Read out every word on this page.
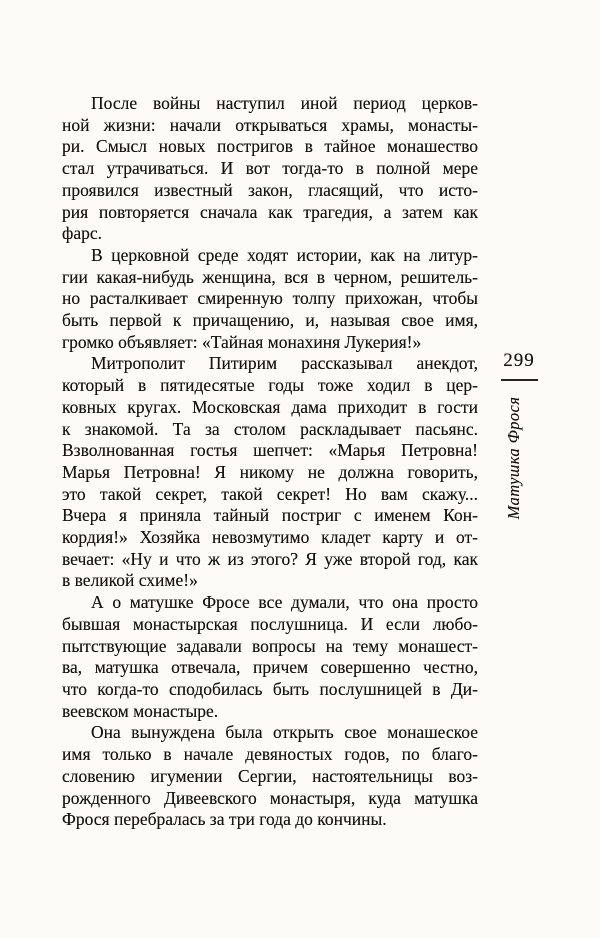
После войны наступил иной период церков-
ной жизни: начали открываться храмы, монасты-
ри. Смысл новых постригов в тайное монашество
стал утрачиваться. И вот тогда-то в полной мере
проявился известный закон, гласящий, что исто-
рия повторяется сначала как трагедия, а затем как
фарс.
В церковной среде ходят истории, как на литур-
гии какая-нибудь женщина, вся в черном, решитель-
но расталкивает смиренную толпу прихожан, чтобы
быть первой к причащению, и, называя свое имя,
громко объявляет: «Тайная монахиня Лукерия!»
Митрополит Питирим рассказывал анекдот,
который в пятидесятые годы тоже ходил в цер-
ковных кругах. Московская дама приходит в гости
к знакомой. Та за столом раскладывает пасьянс.
Взволнованная гостья шепчет: «Марья Петровна!
Марья Петровна! Я никому не должна говорить,
это такой секрет, такой секрет! Но вам скажу...
Вчера я приняла тайный постриг с именем Кон-
кордия!» Хозяйка невозмутимо кладет карту и от-
вечает: «Ну и что ж из этого? Я уже второй год, как
в великой схиме!»
А о матушке Фросе все думали, что она просто
бывшая монастырская послушница. И если любо-
пытствующие задавали вопросы на тему монашест-
ва, матушка отвечала, причем совершенно честно,
что когда-то сподобилась быть послушницей в Ди-
веевском монастыре.
Она вынуждена была открыть свое монашеское
имя только в начале девяностых годов, по благо-
словению игумении Сергии, настоятельницы воз-
рожденного Дивеевского монастыря, куда матушка
Фрося перебралась за три года до кончины.
299
Матушка Фрося
